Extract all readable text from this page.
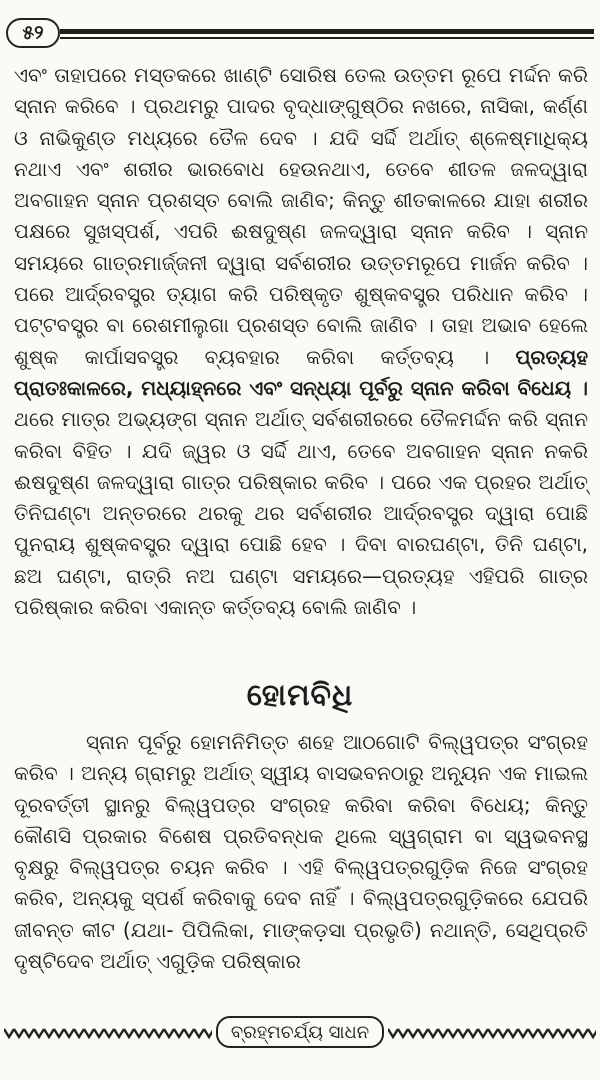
୫୨

ଏବଂ ତାହାପରେ ମସ୍ତକରେ ଖାଣ୍ଟି ସୋରିଷ ତେଲ ଉତ୍ତମ ରୂପେ ମର୍ଦ୍ଦନ କରି ସ୍ନାନ କରିବେ । ପ୍ରଥମରୁ ପାଦର ବୃଦ୍ଧାଙ୍ଗୁଷ୍ଠିର ନଖରେ, ନାସିକା, କର୍ଣ୍ଣ ଓ ନାଭିକୁଣ୍ଡ ମଧ୍ୟରେ ତୈଳ ଦେବ । ଯଦି ସର୍ଦ୍ଦି ଅର୍ଥାତ୍ ଶ୍ଳେଷ୍ମାଧିକ୍ୟ ନଥାଏ ଏବଂ ଶରୀର ଭାରବୋଧ ହେଉନଥାଏ, ତେବେ ଶୀତଳ ଜଳଦ୍ୱାରା ଅବଗାହନ ସ୍ନାନ ପ୍ରଶସ୍ତ ବୋଲି ଜାଣିବ; କିନ୍ତୁ ଶୀତକାଳରେ ଯାହା ଶରୀର ପକ୍ଷରେ ସୁଖସ୍ପର୍ଶ, ଏପରି ଈଷଦୁଷ୍ଣ ଜଳଦ୍ୱାରା ସ୍ନାନ କରିବ । ସ୍ନାନ ସମୟରେ ଗାତ୍ରମାର୍ଜ୍ଜନୀ ଦ୍ୱାରା ସର୍ବଶରୀର ଉତ୍ତମରୂପେ ମାର୍ଜନ କରିବ । ପରେ ଆର୍ଦ୍ରବସ୍ତ୍ର ତ୍ୟାଗ କରି ପରିଷ୍କୃତ ଶୁଷ୍କବସ୍ତ୍ର ପରିଧାନ କରିବ । ପଟ୍ଟବସ୍ତ୍ର ବା ରେଶମୀଲୁଗା ପ୍ରଶସ୍ତ ବୋଲି ଜାଣିବ । ତାହା ଅଭାବ ହେଲେ ଶୁଷ୍କ କାର୍ପାସବସ୍ତ୍ର ବ୍ୟବହାର କରିବା କର୍ତ୍ତବ୍ୟ । ପ୍ରତ୍ୟହ ପ୍ରାତଃକାଳରେ, ମଧ୍ୟାହ୍ନରେ ଏବଂ ସନ୍ଧ୍ୟା ପୂର୍ବରୁ ସ୍ନାନ କରିବା ବିଧେୟ । ଥରେ ମାତ୍ର ଅଭ୍ୟଙ୍ଗ ସ୍ନାନ ଅର୍ଥାତ୍ ସର୍ବଶରୀରରେ ତୈଳମର୍ଦ୍ଦନ କରି ସ୍ନାନ କରିବା ବିହିତ । ଯଦି ଜ୍ୱର ଓ ସର୍ଦ୍ଦି ଥାଏ, ତେବେ ଅବଗାହନ ସ୍ନାନ ନକରି ଈଷଦୁଷ୍ଣ ଜଳଦ୍ୱାରା ଗାତ୍ର ପରିଷ୍କାର କରିବ । ପରେ ଏକ ପ୍ରହର ଅର୍ଥାତ୍ ତିନିଘଣ୍ଟା ଅନ୍ତରରେ ଥରକୁ ଥର ସର୍ବଶରୀର ଆର୍ଦ୍ରବସ୍ତ୍ର ଦ୍ୱାରା ପୋଛି ପୁନରାୟ ଶୁଷ୍କବସ୍ତ୍ର ଦ୍ୱାରା ପୋଛି ହେବ । ଦିବା ବାରଘଣ୍ଟା, ତିନି ଘଣ୍ଟା, ଛଅ ଘଣ୍ଟା, ରାତ୍ରି ନଅ ଘଣ୍ଟା ସମୟରେ—ପ୍ରତ୍ୟହ ଏହିପରି ଗାତ୍ର ପରିଷ୍କାର କରିବା ଏକାନ୍ତ କର୍ତ୍ତବ୍ୟ ବୋଲି ଜାଣିବ ।

ହୋମବିଧି

ସ୍ନାନ ପୂର୍ବରୁ ହୋମନିମିତ୍ତ ଶହେ ଆଠଗୋଟି ବିଲ୍ୱପତ୍ର ସଂଗ୍ରହ କରିବ । ଅନ୍ୟ ଗ୍ରାମରୁ ଅର୍ଥାତ୍ ସ୍ୱୀୟ ବାସଭବନଠାରୁ ଅନ୍ୟୂନ ଏକ ମାଇଲ ଦୂରବର୍ତ୍ତୀ ସ୍ଥାନରୁ ବିଲ୍ୱପତ୍ର ସଂଗ୍ରହ କରିବା କରିବା ବିଧେୟ; କିନ୍ତୁ କୌଣସି ପ୍ରକାର ବିଶେଷ ପ୍ରତିବନ୍ଧକ ଥିଲେ ସ୍ୱଗ୍ରାମ ବା ସ୍ୱଭବନସ୍ଥ ବୃକ୍ଷରୁ ବିଲ୍ୱପତ୍ର ଚୟନ କରିବ । ଏହି ବିଲ୍ୱପତ୍ରଗୁଡ଼ିକ ନିଜେ ସଂଗ୍ରହ କରିବ, ଅନ୍ୟକୁ ସ୍ପର୍ଶ କରିବାକୁ ଦେବ ନାହିଁ । ବିଲ୍ୱପତ୍ରଗୁଡ଼ିକରେ ଯେପରି ଜୀବନ୍ତ କୀଟ (ଯଥା- ପିପିଲିକା, ମାଙ୍କଡ଼ସା ପ୍ରଭୃତି) ନଥାନ୍ତି, ସେଥିପ୍ରତି ଦୃଷ୍ଟିଦେବ ଅର୍ଥାତ୍ ଏଗୁଡ଼ିକ ପରିଷ୍କାର

ବ୍ରହ୍ମଚର୍ଯ୍ୟ ସାଧନ
